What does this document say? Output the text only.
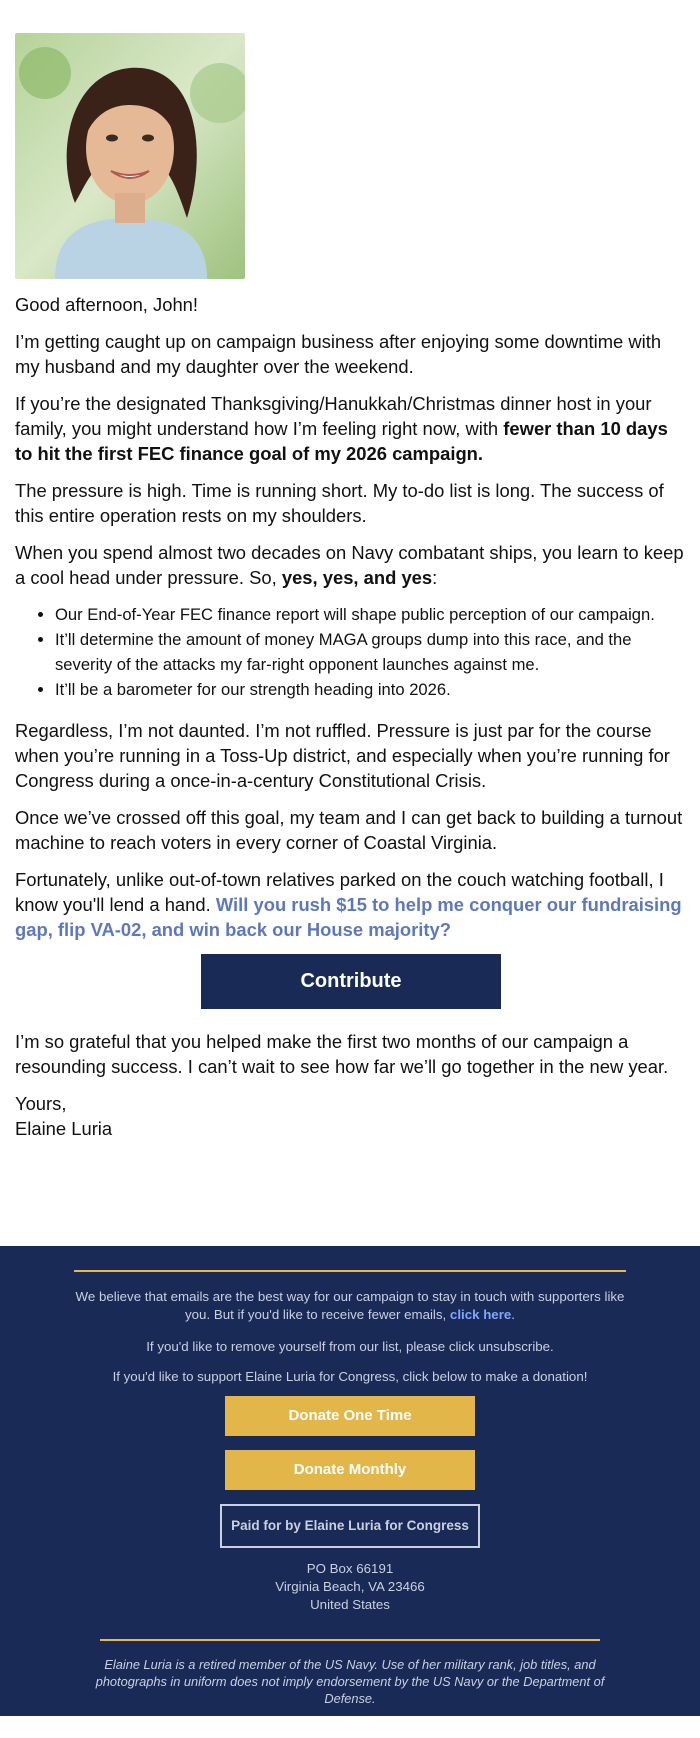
Good afternoon, John!

I’m getting caught up on campaign business after enjoying some downtime with my husband and my daughter over the weekend.

If you’re the designated Thanksgiving/Hanukkah/Christmas dinner host in your family, you might understand how I’m feeling right now, with fewer than 10 days to hit the first FEC finance goal of my 2026 campaign.

The pressure is high. Time is running short. My to-do list is long. The success of this entire operation rests on my shoulders.

When you spend almost two decades on Navy combatant ships, you learn to keep a cool head under pressure. So, yes, yes, and yes:

• Our End-of-Year FEC finance report will shape public perception of our campaign.
• It’ll determine the amount of money MAGA groups dump into this race, and the severity of the attacks my far-right opponent launches against me.
• It’ll be a barometer for our strength heading into 2026.

Regardless, I’m not daunted. I’m not ruffled. Pressure is just par for the course when you’re running in a Toss-Up district, and especially when you’re running for Congress during a once-in-a-century Constitutional Crisis.

Once we’ve crossed off this goal, my team and I can get back to building a turnout machine to reach voters in every corner of Coastal Virginia.

Fortunately, unlike out-of-town relatives parked on the couch watching football, I know you'll lend a hand. Will you rush $15 to help me conquer our fundraising gap, flip VA-02, and win back our House majority?

Contribute

I’m so grateful that you helped make the first two months of our campaign a resounding success. I can’t wait to see how far we’ll go together in the new year.

Yours,
Elaine Luria

We believe that emails are the best way for our campaign to stay in touch with supporters like you. But if you'd like to receive fewer emails, click here.
If you'd like to remove yourself from our list, please click unsubscribe.
If you'd like to support Elaine Luria for Congress, click below to make a donation!
Donate One Time
Donate Monthly
Paid for by Elaine Luria for Congress
PO Box 66191
Virginia Beach, VA 23466
United States
Elaine Luria is a retired member of the US Navy. Use of her military rank, job titles, and photographs in uniform does not imply endorsement by the US Navy or the Department of Defense.
